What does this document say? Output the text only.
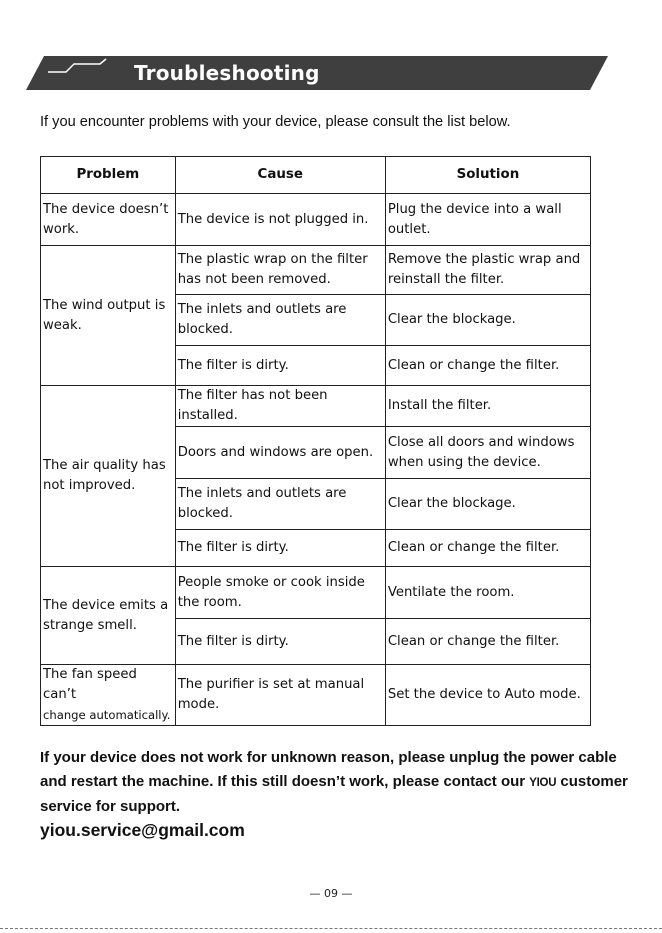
Troubleshooting
If you encounter problems with your device, please consult the list below.
Problem	Cause	Solution
The device doesn’t work.	The device is not plugged in.	Plug the device into a wall outlet.
The wind output is weak.	The plastic wrap on the filter has not been removed.	Remove the plastic wrap and reinstall the filter.
	The inlets and outlets are blocked.	Clear the blockage.
	The filter is dirty.	Clean or change the filter.
The air quality has not improved.	The filter has not been installed.	Install the filter.
	Doors and windows are open.	Close all doors and windows when using the device.
	The inlets and outlets are blocked.	Clear the blockage.
	The filter is dirty.	Clean or change the filter.
The device emits a strange smell.	People smoke or cook inside the room.	Ventilate the room.
	The filter is dirty.	Clean or change the filter.

The fan speed can’t
change automatically.	The purifier is set at manual mode.	Set the device to Auto mode.
If your device does not work for unknown reason, please unplug the power cable and restart the machine. If this still doesn’t work, please contact our YIOU customer service for support.
yiou.service@gmail.com
— 09 —
